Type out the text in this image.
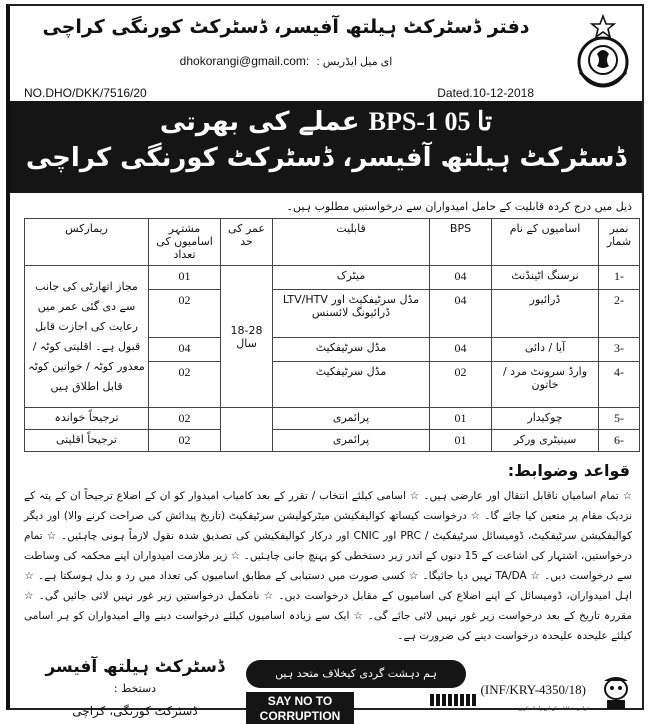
دفتر ڈسٹرکٹ ہیلتھ آفیسر، ڈسٹرکٹ کورنگی کراچی
dhokorangi@gmail.com: ای میل ایڈریس :
NO.DHO/DKK/7516/20	Dated.10-12-2018
BPS-1 تا 05 عملے کی بھرتی
ڈسٹرکٹ ہیلتھ آفیسر، ڈسٹرکٹ کورنگی کراچی
ذیل میں درج کردہ قابلیت کے حامل امیدواران سے درخواستیں مطلوب ہیں۔
نمبر شمار	اسامیوں کے نام	BPS	قابلیت	عمر کی حد	مشتہر اسامیوں کی تعداد	ریمارکس
-1	نرسنگ اٹینڈنٹ	04	میٹرک	18-28 سال	01	مجاز اتھارٹی کی جانب سے دی گئی عمر میں رعایت کی اجازت قابل قبول ہے۔ اقلیتی کوٹہ / معذور کوٹہ / خواتین کوٹہ قابل اطلاق ہیں
-2	ڈرائیور	04	مڈل سرٹیفکیٹ اور LTV/HTV ڈرائیونگ لائسنس		02	
-3	آیا / دائی	04	مڈل سرٹیفکیٹ		04	
-4	وارڈ سرونٹ مرد / خاتون	02	مڈل سرٹیفکیٹ		02	
-5	چوکیدار	01	پرائمری		02	ترجیحاً خواندہ
-6	سینیٹری ورکر	01	پرائمری		02	ترجیحاً اقلیتی
قواعد وضوابط:
☆ تمام اسامیاں ناقابل انتقال اور عارضی ہیں۔ ☆ اسامی کیلئے انتخاب / تقرر کے بعد کامیاب امیدوار کو ان کے اضلاع ترجیحاً ان کے پتہ کے نزدیک مقام پر متعین کیا جائے گا۔ ☆ درخواست کیساتھ کوالیفکیشن میٹرکولیشن سرٹیفکیٹ (تاریخ پیدائش کی صراحت کرنے والا) اور دیگر کوالیفکیشن سرٹیفکیٹ، ڈومیسائل سرٹیفکیٹ / PRC اور CNIC اور درکار کوالیفکیشن کی تصدیق شدہ نقول لازماً ہونی چاہئیں۔ ☆ تمام درخواستیں، اشتہار کی اشاعت کے 15 دنوں کے اندر زیر دستخطی کو پہنچ جانی چاہئیں۔ ☆ زیر ملازمت امیدواران اپنے محکمہ کی وساطت سے درخواست دیں۔ ☆ TA/DA نہیں دیا جائیگا۔ ☆ کسی صورت میں دستیابی کے مطابق اسامیوں کی تعداد میں رد و بدل ہوسکتا ہے۔ ☆ اہل امیدواران، ڈومیسائل کے اپنے اضلاع کی اسامیوں کے مقابل درخواست دیں۔ ☆ نامکمل درخواستیں زیر غور نہیں لائی جائیں گی۔ ☆ مقررہ تاریخ کے بعد درخواست زیر غور نہیں لائی جائے گی۔ ☆ ایک سے زیادہ اسامیوں کیلئے درخواست دینے والے امیدواران کو ہر اسامی کیلئے علیحدہ علیحدہ درخواست دینے کی ضرورت ہے۔
ڈسٹرکٹ ہیلتھ آفیسر دستخط :
ڈسٹرکٹ کورنگی، کراچی
ہم دہشت گردی کیخلاف متحد ہیں
SAY NO TO CORRUPTION	عوامی شکایات کے لیے رابطہ کریں
(INF/KRY-4350/18)
